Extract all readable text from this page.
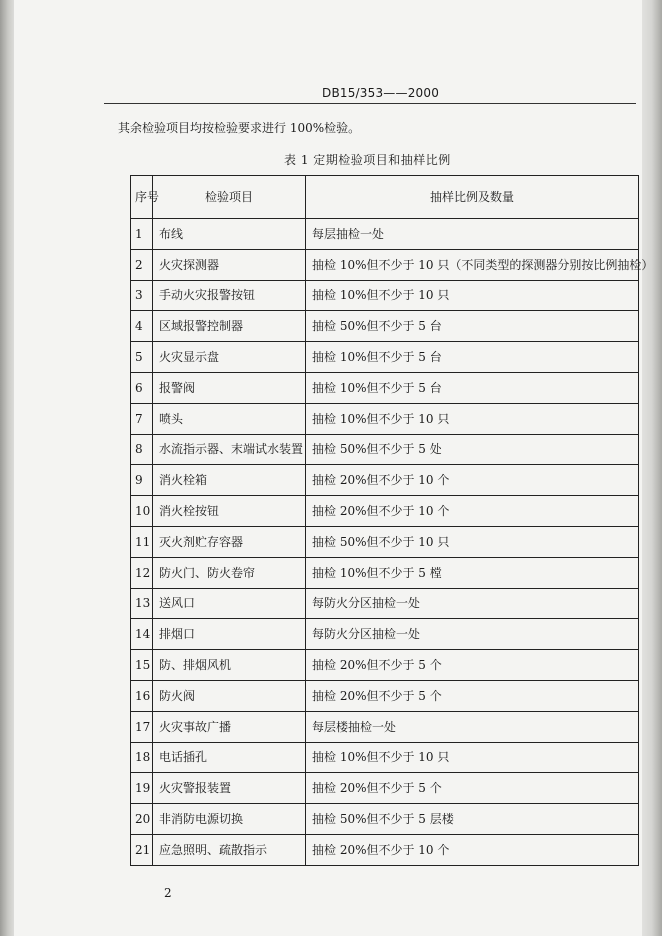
DB15/353——2000
其余检验项目均按检验要求进行 100%检验。
表 1 定期检验项目和抽样比例
序号	检验项目	抽样比例及数量
1	布线	每层抽检一处
2	火灾探测器	抽检 10%但不少于 10 只（不同类型的探测器分别按比例抽检）
3	手动火灾报警按钮	抽检 10%但不少于 10 只
4	区域报警控制器	抽检 50%但不少于 5 台
5	火灾显示盘	抽检 10%但不少于 5 台
6	报警阀	抽检 10%但不少于 5 台
7	喷头	抽检 10%但不少于 10 只
8	水流指示器、末端试水装置	抽检 50%但不少于 5 处
9	消火栓箱	抽检 20%但不少于 10 个
10	消火栓按钮	抽检 20%但不少于 10 个
11	灭火剂贮存容器	抽检 50%但不少于 10 只
12	防火门、防火卷帘	抽检 10%但不少于 5 樘
13	送风口	每防火分区抽检一处
14	排烟口	每防火分区抽检一处
15	防、排烟风机	抽检 20%但不少于 5 个
16	防火阀	抽检 20%但不少于 5 个
17	火灾事故广播	每层楼抽检一处
18	电话插孔	抽检 10%但不少于 10 只
19	火灾警报装置	抽检 20%但不少于 5 个
20	非消防电源切换	抽检 50%但不少于 5 层楼
21	应急照明、疏散指示	抽检 20%但不少于 10 个
2
